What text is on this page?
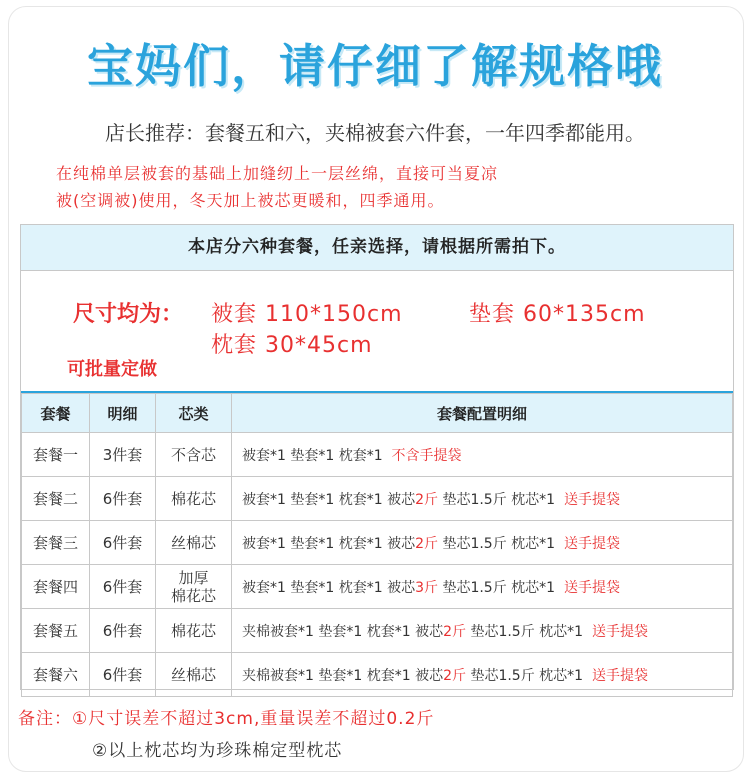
宝妈们，请仔细了解规格哦
店长推荐：套餐五和六，夹棉被套六件套，一年四季都能用。
在纯棉单层被套的基础上加缝纫上一层丝绵，直接可当夏凉
被(空调被)使用，冬天加上被芯更暖和，四季通用。
本店分六种套餐，任亲选择，请根据所需拍下。
尺寸均为： 被套 110*150cm	垫套 60*135cm
枕套 30*45cm
可批量定做
套餐	明细	芯类	套餐配置明细
套餐一	3件套	不含芯	被套*1 垫套*1 枕套*1 不含手提袋
套餐二	6件套	棉花芯	被套*1 垫套*1 枕套*1 被芯2斤 垫芯1.5斤 枕芯*1 送手提袋
套餐三	6件套	丝棉芯	被套*1 垫套*1 枕套*1 被芯2斤 垫芯1.5斤 枕芯*1 送手提袋
套餐四	6件套	加厚
棉花芯	被套*1 垫套*1 枕套*1 被芯3斤 垫芯1.5斤 枕芯*1 送手提袋
套餐五	6件套	棉花芯	夹棉被套*1 垫套*1 枕套*1 被芯2斤 垫芯1.5斤 枕芯*1 送手提袋
套餐六	6件套	丝棉芯	夹棉被套*1 垫套*1 枕套*1 被芯2斤 垫芯1.5斤 枕芯*1 送手提袋
备注：①尺寸误差不超过3cm,重量误差不超过0.2斤
②以上枕芯均为珍珠棉定型枕芯
